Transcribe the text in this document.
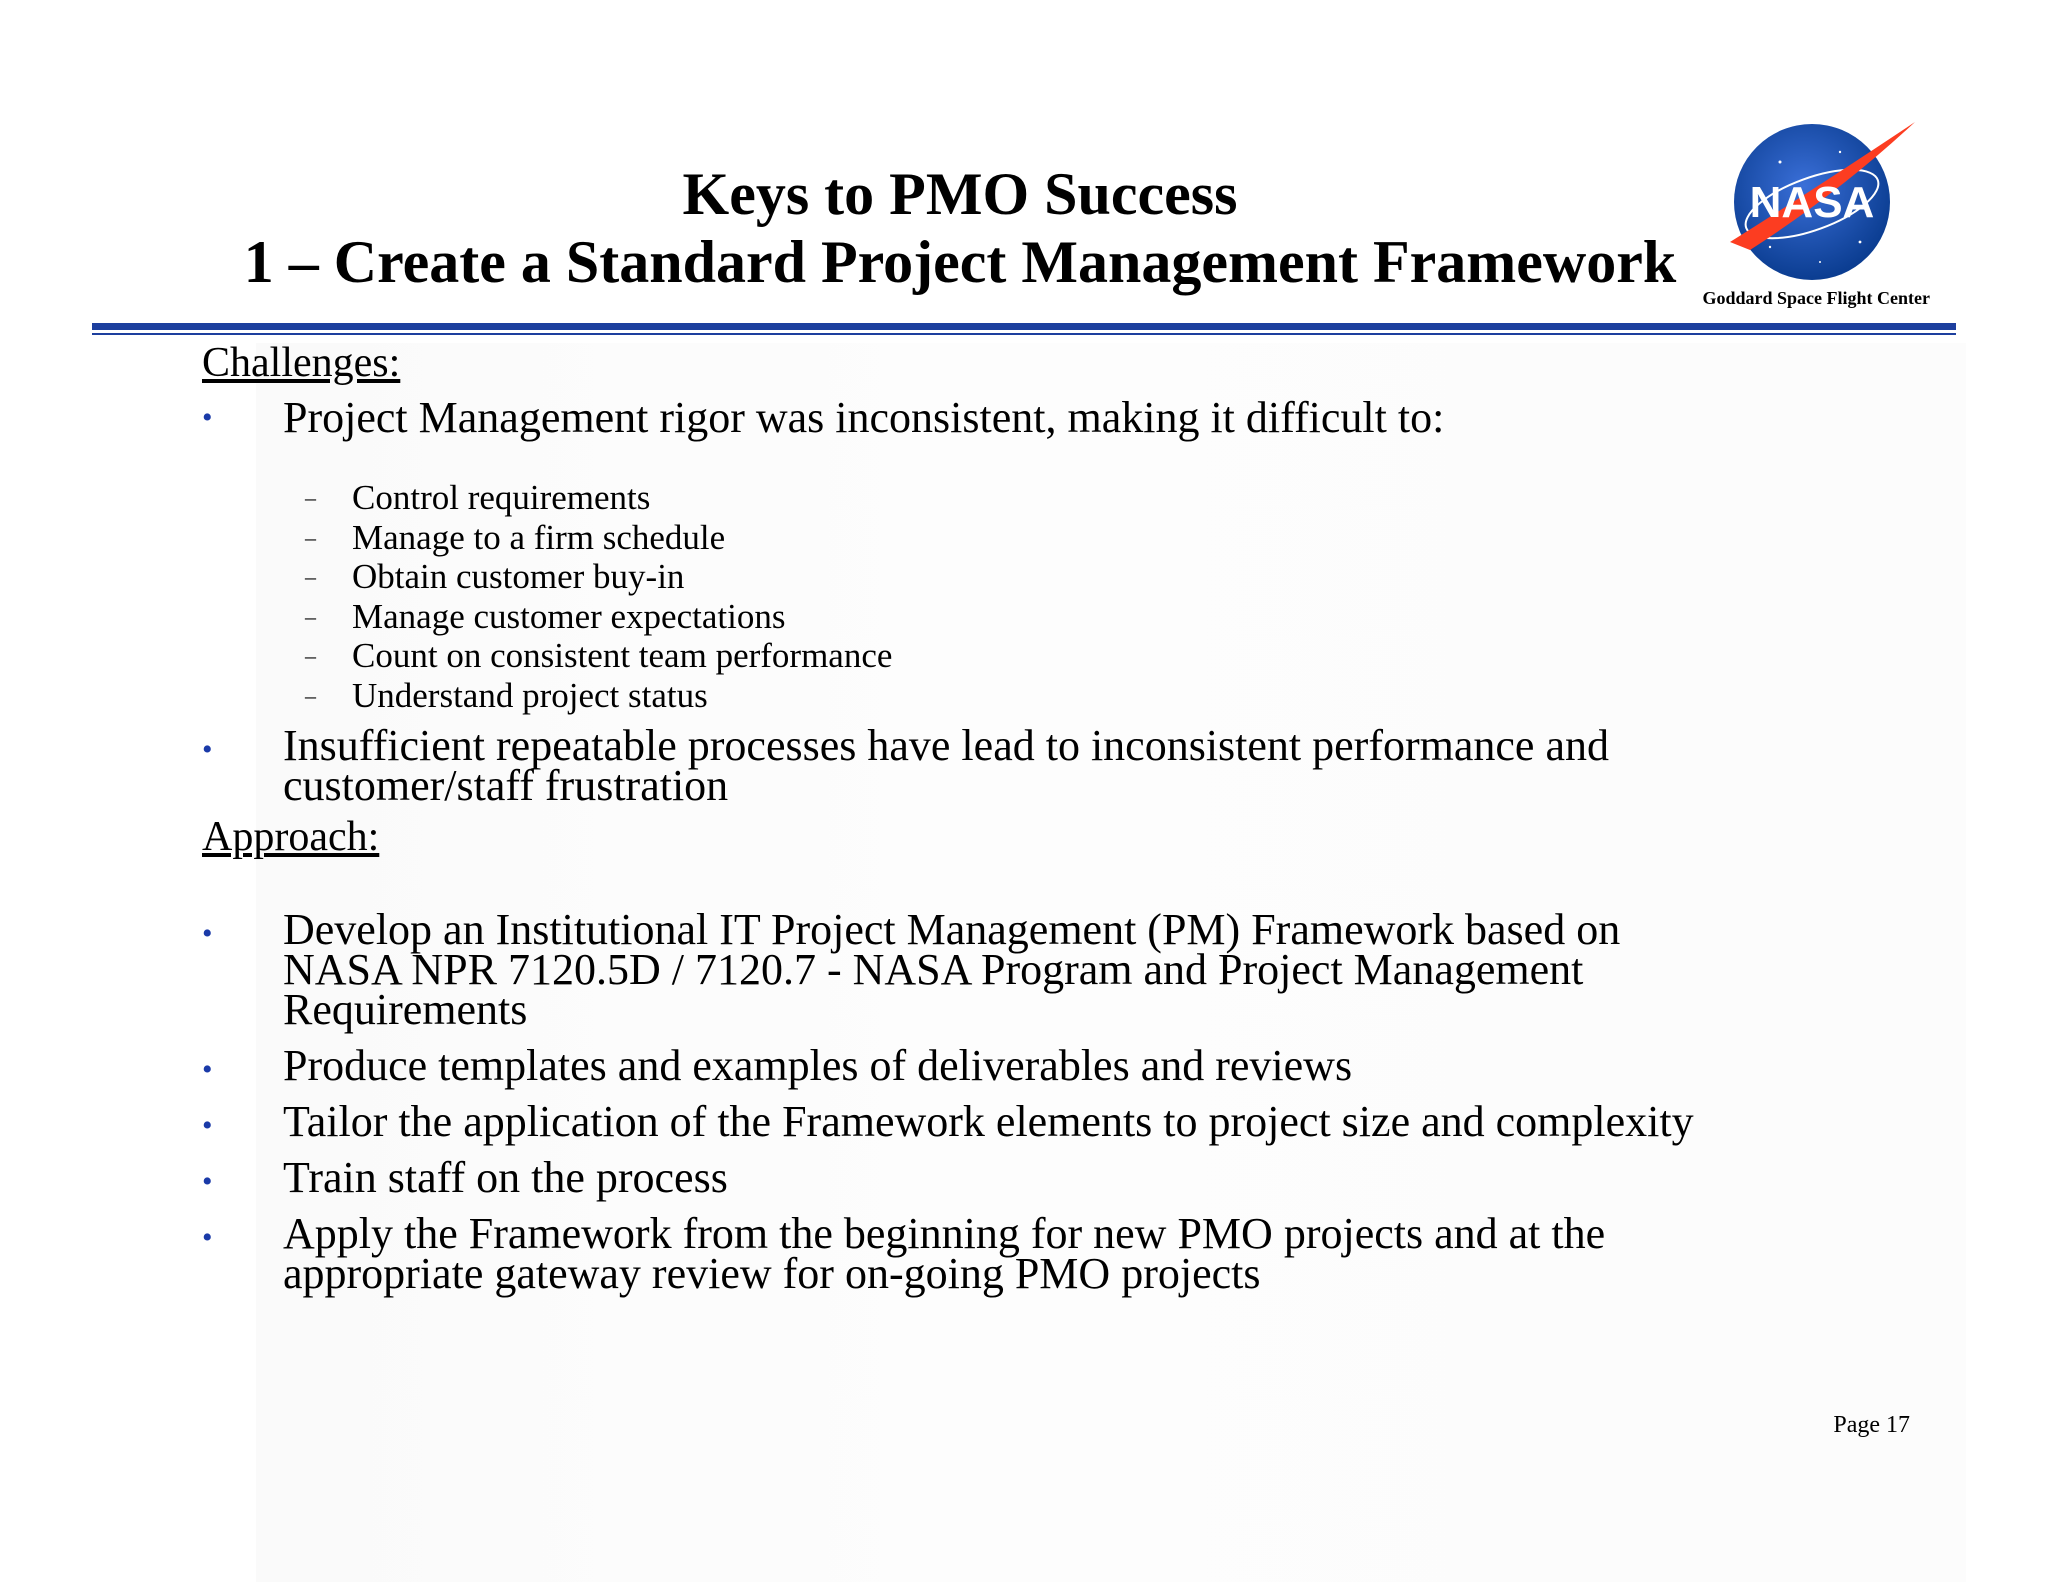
Keys to PMO Success
1 – Create a Standard Project Management Framework
NASA
Goddard Space Flight Center
Challenges:
•	Project Management rigor was inconsistent, making it difficult to:
– Control requirements
– Manage to a firm schedule
– Obtain customer buy-in
– Manage customer expectations
– Count on consistent team performance
– Understand project status
•	Insufficient repeatable processes have lead to inconsistent performance and
customer/staff frustration
Approach:
•	Develop an Institutional IT Project Management (PM) Framework based on
NASA NPR 7120.5D / 7120.7 - NASA Program and Project Management
Requirements
•	Produce templates and examples of deliverables and reviews
•	Tailor the application of the Framework elements to project size and complexity
•	Train staff on the process
•	Apply the Framework from the beginning for new PMO projects and at the
appropriate gateway review for on-going PMO projects
Page 17
